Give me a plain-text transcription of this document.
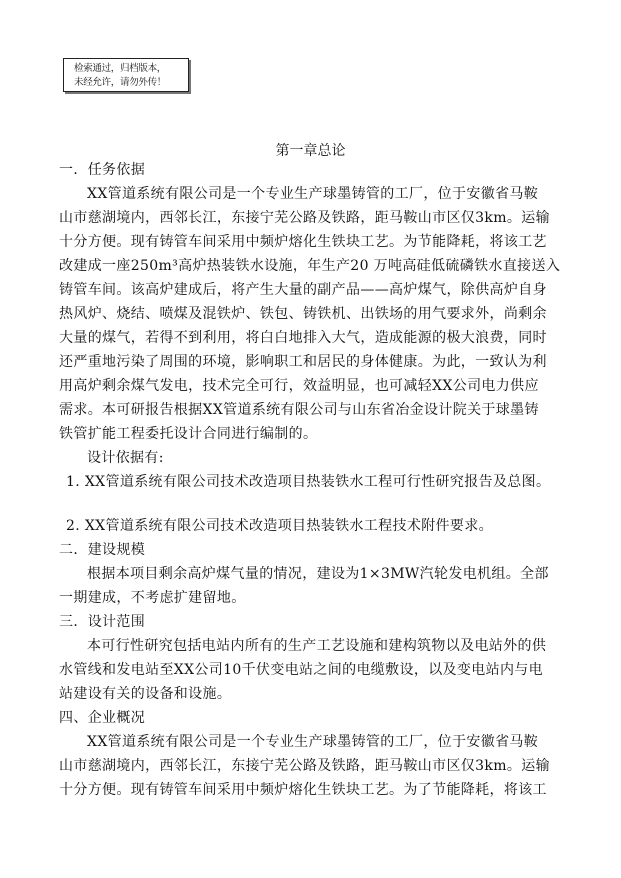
检索通过，归档版本，
未经允许，请勿外传！
第一章总论
一．任务依据
XX管道系统有限公司是一个专业生产球墨铸管的工厂，位于安徽省马鞍
山市慈湖境内，西邻长江，东接宁芜公路及铁路，距马鞍山市区仅3km。运输
十分方便。现有铸管车间采用中频炉熔化生铁块工艺。为节能降耗，将该工艺
改建成一座250m³高炉热装铁水设施，年生产20 万吨高硅低硫磷铁水直接送入
铸管车间。该高炉建成后，将产生大量的副产品——高炉煤气，除供高炉自身
热风炉、烧结、喷煤及混铁炉、铁包、铸铁机、出铁场的用气要求外，尚剩余
大量的煤气，若得不到利用，将白白地排入大气，造成能源的极大浪费，同时
还严重地污染了周围的环境，影响职工和居民的身体健康。为此，一致认为利
用高炉剩余煤气发电，技术完全可行，效益明显，也可减轻XX公司电力供应
需求。本可研报告根据XX管道系统有限公司与山东省冶金设计院关于球墨铸
铁管扩能工程委托设计合同进行编制的。
设计依据有:
1. XX管道系统有限公司技术改造项目热装铁水工程可行性研究报告及总图。
2. XX管道系统有限公司技术改造项目热装铁水工程技术附件要求。
二．建设规模
根据本项目剩余高炉煤气量的情况，建设为1×3MW汽轮发电机组。全部
一期建成，不考虑扩建留地。
三．设计范围
本可行性研究包括电站内所有的生产工艺设施和建构筑物以及电站外的供
水管线和发电站至XX公司10千伏变电站之间的电缆敷设，以及变电站内与电
站建设有关的设备和设施。
四、企业概况
XX管道系统有限公司是一个专业生产球墨铸管的工厂，位于安徽省马鞍
山市慈湖境内，西邻长江，东接宁芜公路及铁路，距马鞍山市区仅3km。运输
十分方便。现有铸管车间采用中频炉熔化生铁块工艺。为了节能降耗，将该工
